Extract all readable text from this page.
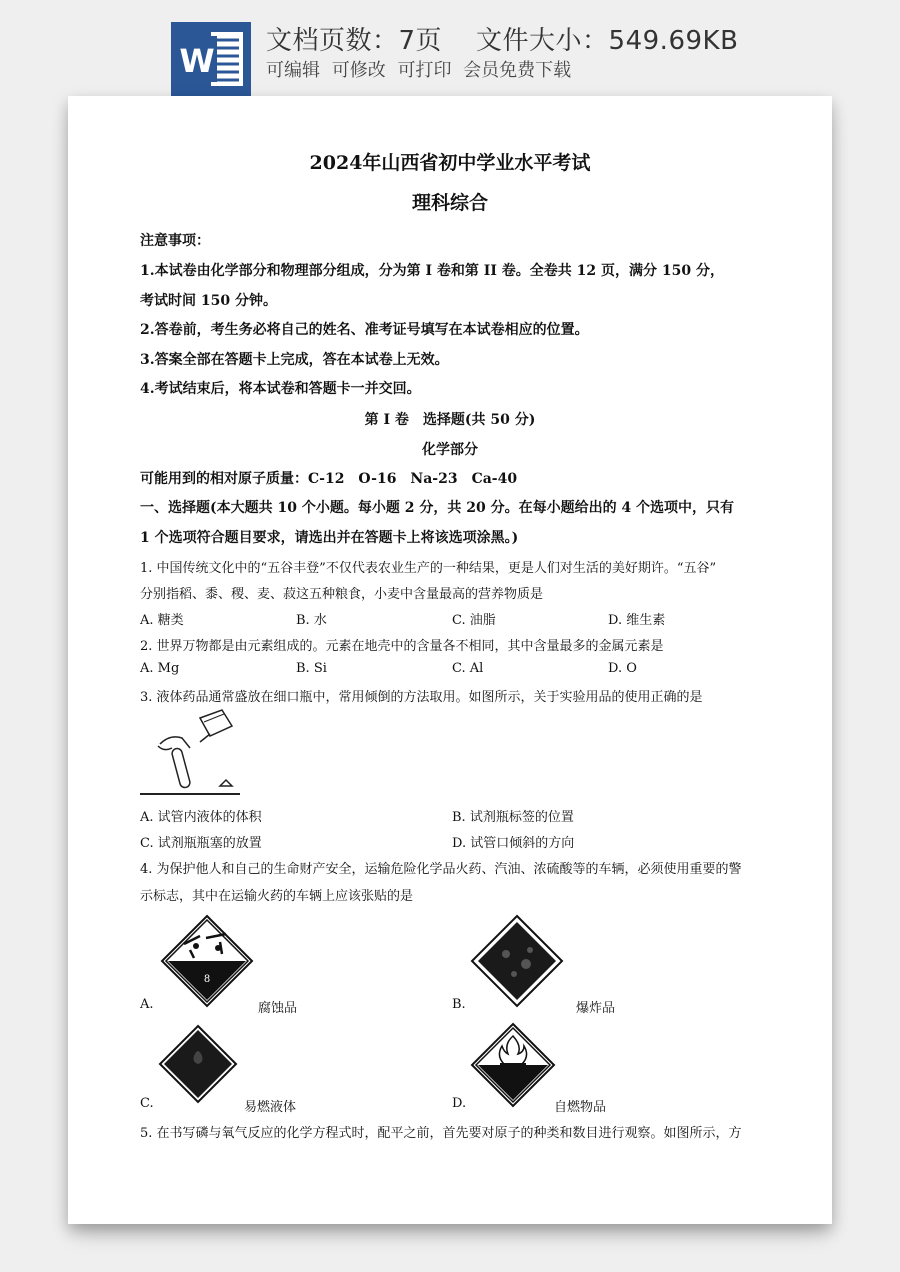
W
文档页数：7页 文件大小：549.69KB
可编辑 可修改 可打印 会员免费下载
2024年山西省初中学业水平考试
理科综合
注意事项：
1.本试卷由化学部分和物理部分组成，分为第 I 卷和第 II 卷。全卷共 12 页，满分 150 分，
考试时间 150 分钟。
2.答卷前，考生务必将自己的姓名、准考证号填写在本试卷相应的位置。
3.答案全部在答题卡上完成，答在本试卷上无效。
4.考试结束后，将本试卷和答题卡一并交回。
第 I 卷　选择题(共 50 分)
化学部分
可能用到的相对原子质量：C-12　O-16　Na-23　Ca-40
一、选择题(本大题共 10 个小题。每小题 2 分，共 20 分。在每小题给出的 4 个选项中，只有
1 个选项符合题目要求，请选出并在答题卡上将该选项涂黑。)
1. 中国传统文化中的“五谷丰登”不仅代表农业生产的一种结果，更是人们对生活的美好期许。“五谷”
分别指稻、黍、稷、麦、菽这五种粮食，小麦中含量最高的营养物质是
A. 糖类	B. 水	C. 油脂	D. 维生素
2. 世界万物都是由元素组成的。元素在地壳中的含量各不相同，其中含量最多的金属元素是
A. Mg	B. Si	C. Al	D. O
3. 液体药品通常盛放在细口瓶中，常用倾倒的方法取用。如图所示，关于实验用品的使用正确的是
A. 试管内液体的体积	B. 试剂瓶标签的位置
C. 试剂瓶瓶塞的放置	D. 试管口倾斜的方向
4. 为保护他人和自己的生命财产安全，运输危险化学品火药、汽油、浓硫酸等的车辆，必须使用重要的警
示标志，其中在运输火药的车辆上应该张贴的是
8
A.	腐蚀品	B.	爆炸品
C.	易燃液体	D.	自燃物品
5. 在书写磷与氧气反应的化学方程式时，配平之前，首先要对原子的种类和数目进行观察。如图所示，方
